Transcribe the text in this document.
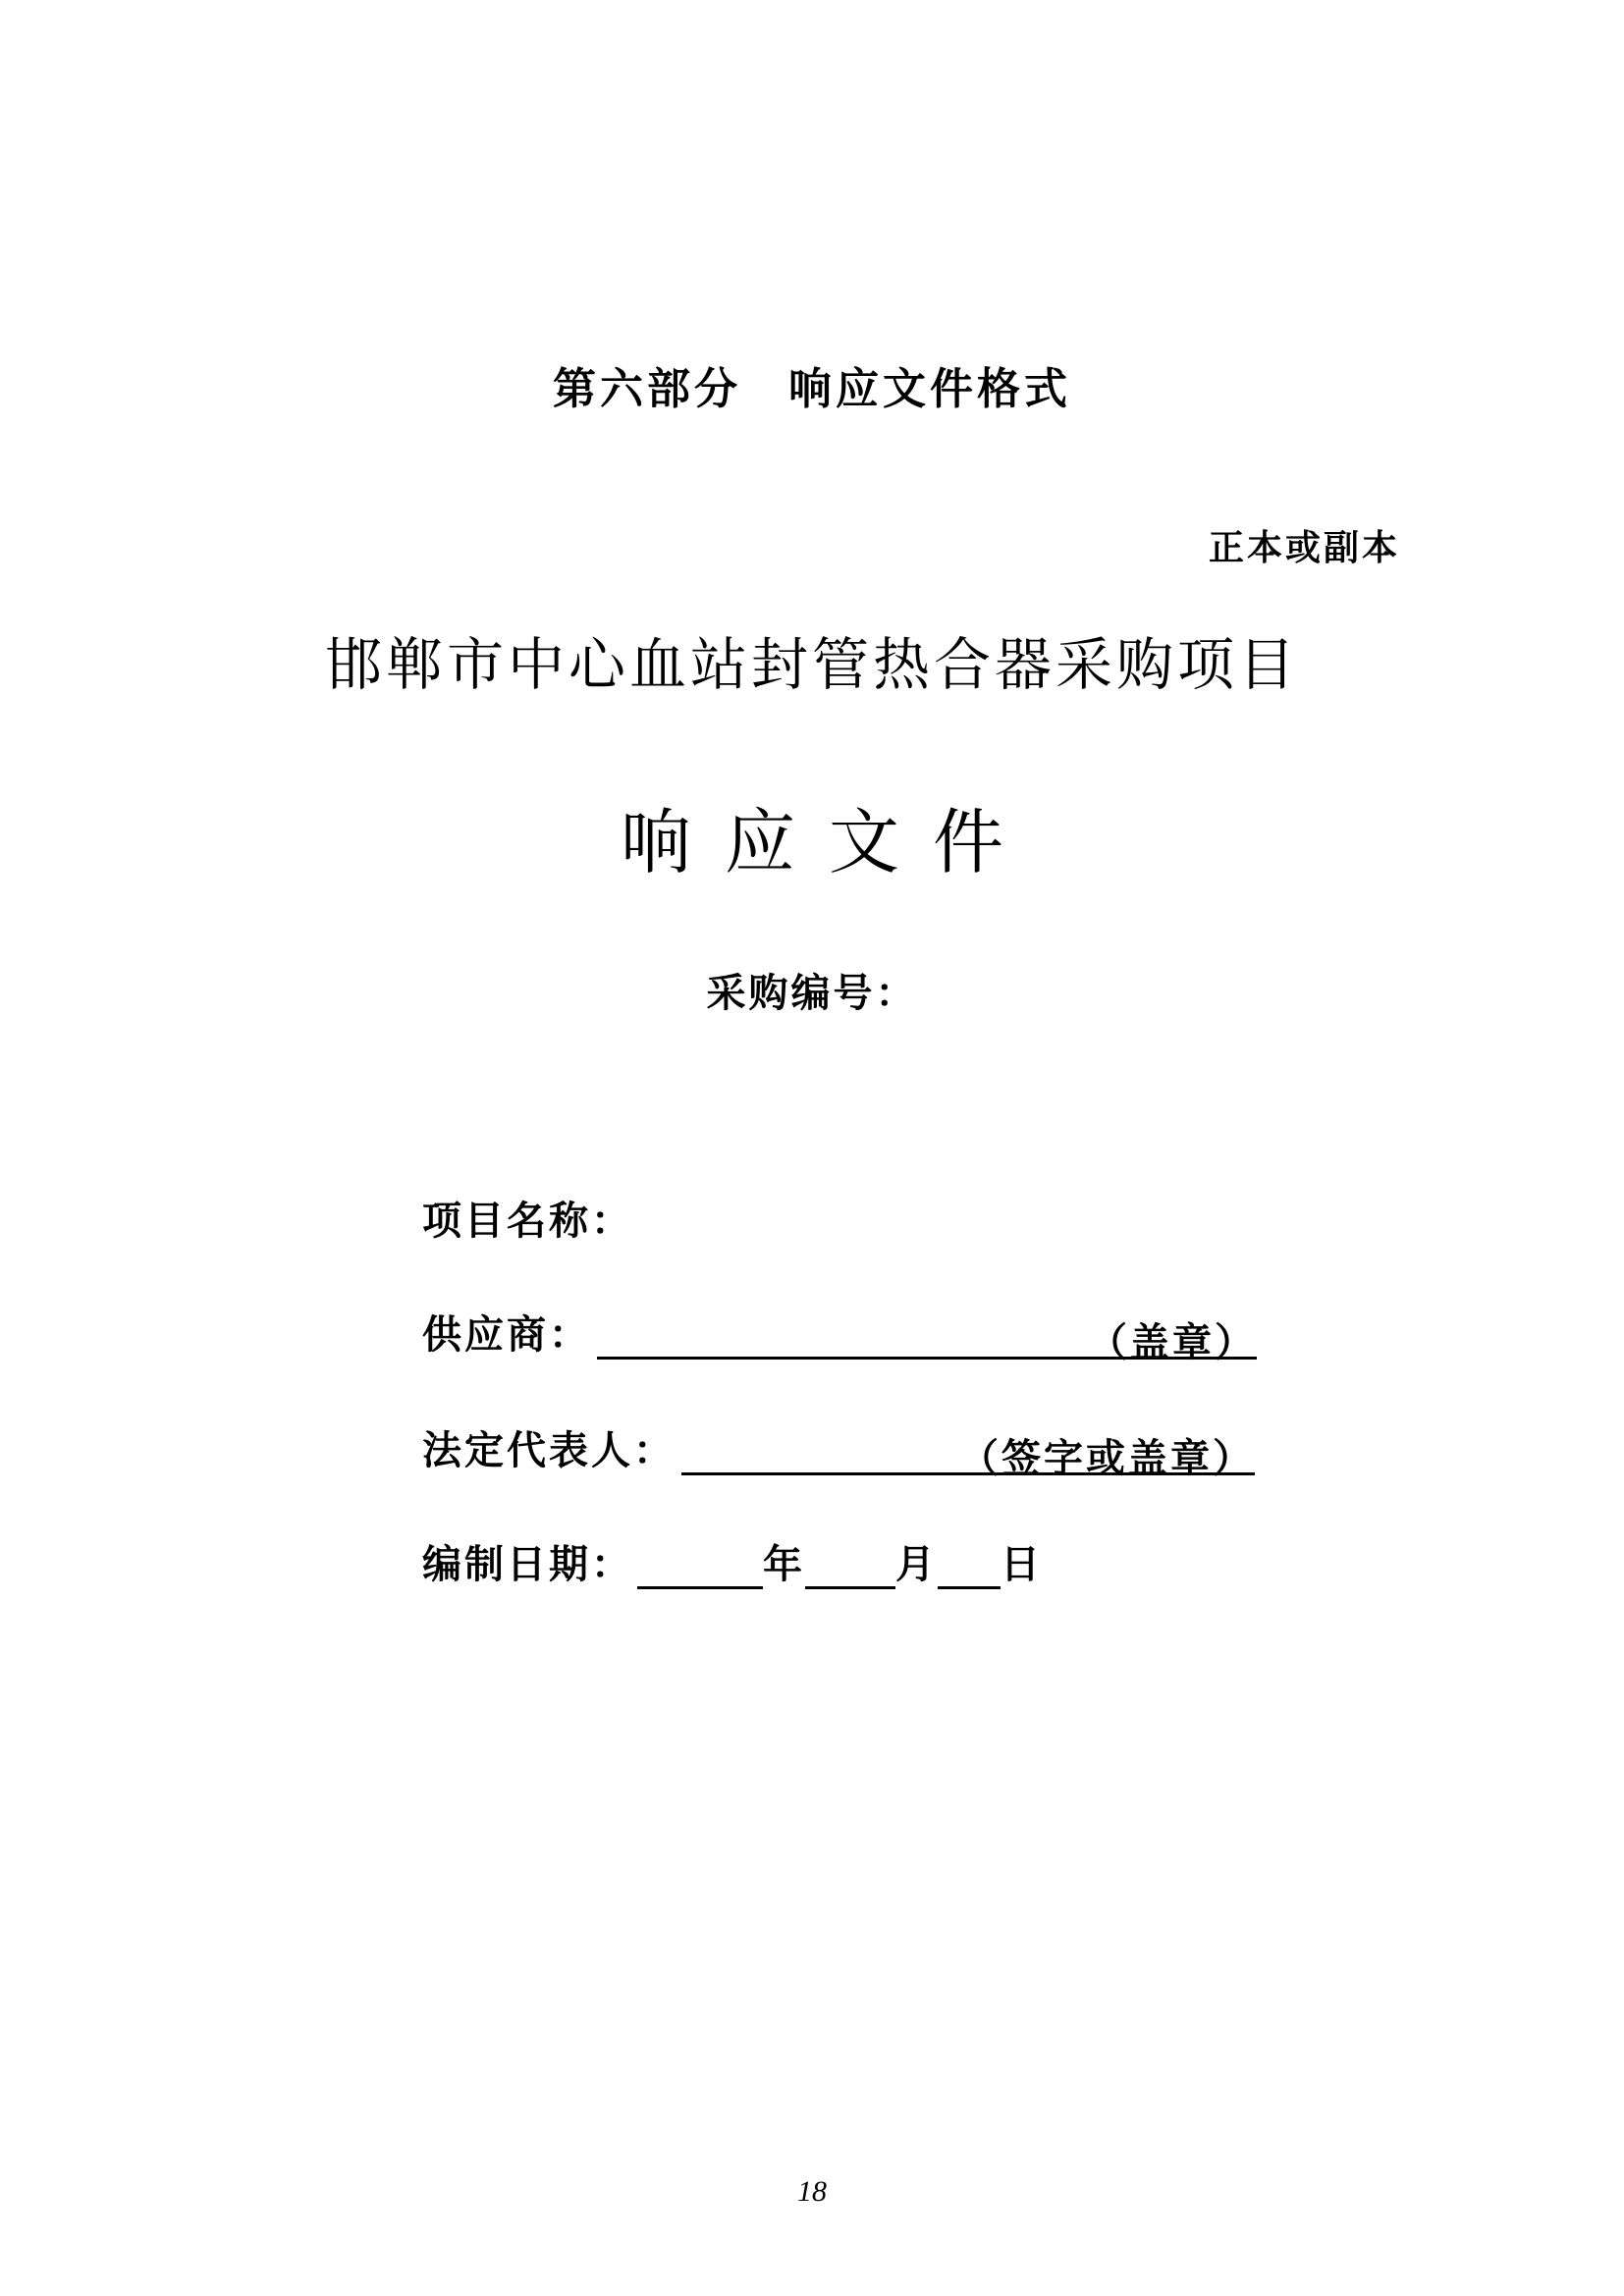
第六部分　响应文件格式
正本或副本
邯郸市中心血站封管热合器采购项目
响应文件
采购编号：
项目名称：
供应商：	（盖章）
法定代表人：	（签字或盖章）
编制日期：	年 月 日
18
